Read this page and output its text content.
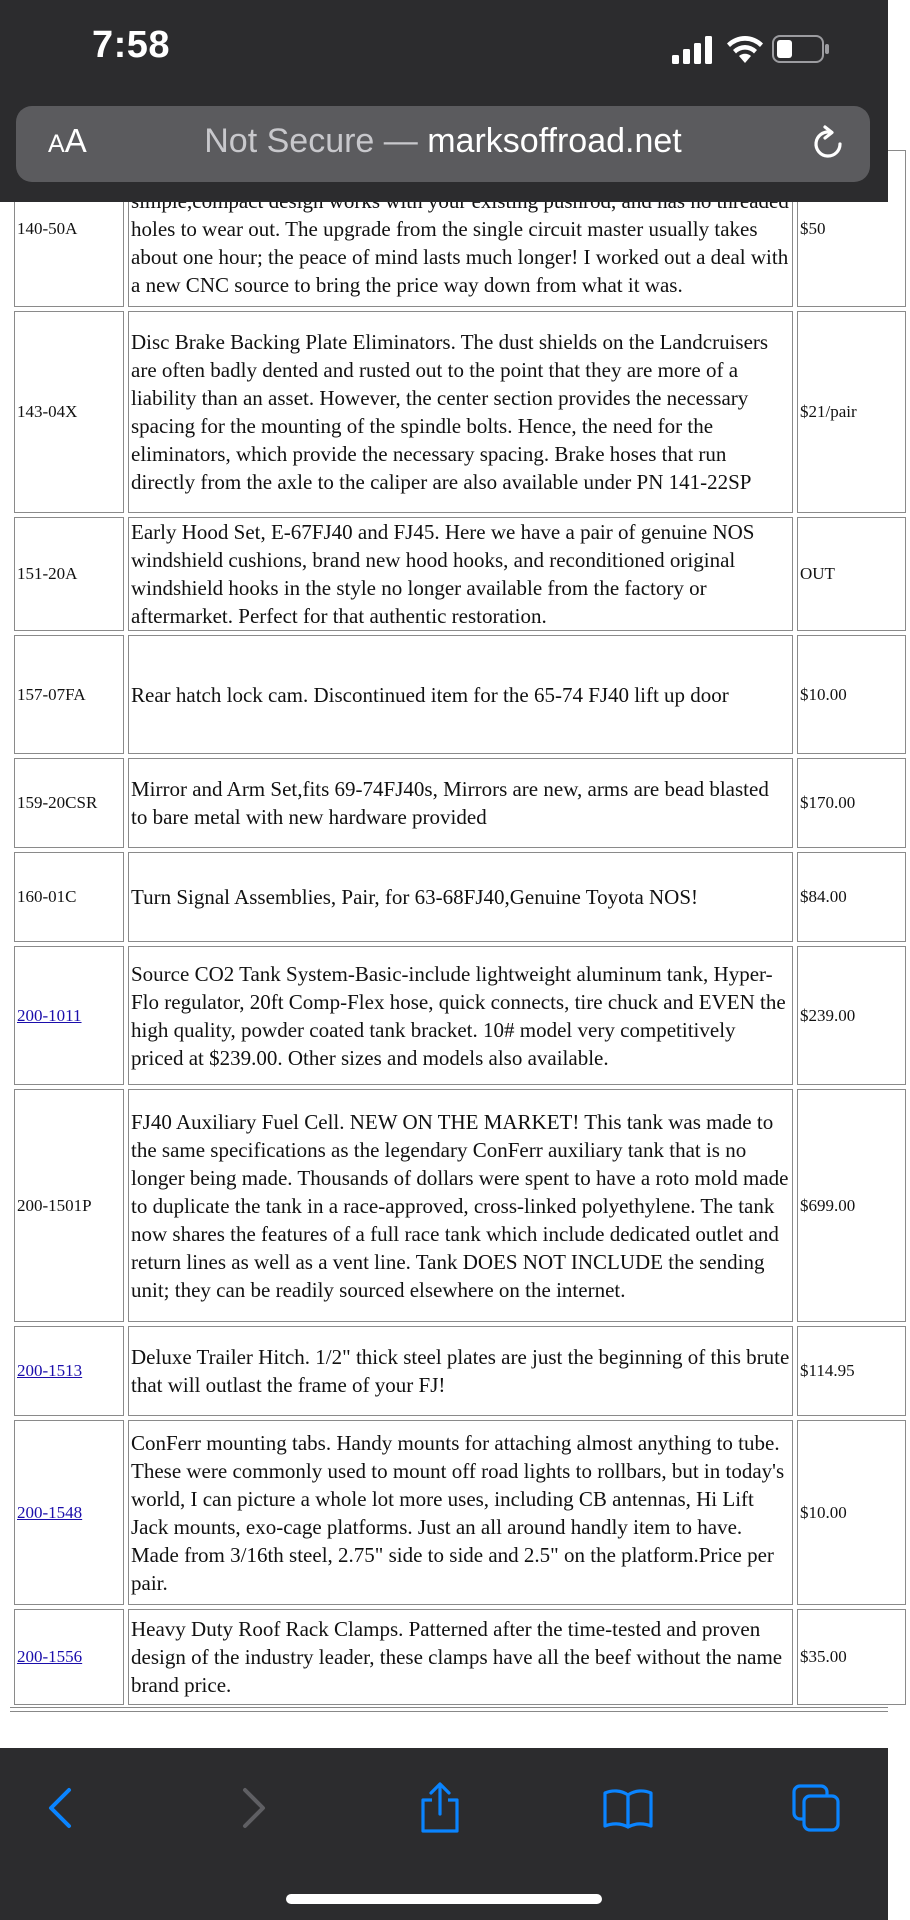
140-50A	holes to wear out. The upgrade from the single circuit master usually takes about one hour; the peace of mind lasts much longer! I worked out a deal with a new CNC source to bring the price way down from what it was.	$50
143-04X	Disc Brake Backing Plate Eliminators. The dust shields on the Landcruisers are often badly dented and rusted out to the point that they are more of a liability than an asset. However, the center section provides the necessary spacing for the mounting of the spindle bolts. Hence, the need for the eliminators, which provide the necessary spacing. Brake hoses that run directly from the axle to the caliper are also available under PN 141-22SP	$21/pair
151-20A	Early Hood Set, E-67FJ40 and FJ45. Here we have a pair of genuine NOS windshield cushions, brand new hood hooks, and reconditioned original windshield hooks in the style no longer available from the factory or aftermarket. Perfect for that authentic restoration.	OUT
157-07FA	Rear hatch lock cam. Discontinued item for the 65-74 FJ40 lift up door	$10.00
159-20CSR	Mirror and Arm Set,fits 69-74FJ40s, Mirrors are new, arms are bead blasted to bare metal with new hardware provided	$170.00
160-01C	Turn Signal Assemblies, Pair, for 63-68FJ40,Genuine Toyota NOS!	$84.00
200-1011	Source CO2 Tank System-Basic-include lightweight aluminum tank, Hyper-Flo regulator, 20ft Comp-Flex hose, quick connects, tire chuck and EVEN the high quality, powder coated tank bracket. 10# model very competitively priced at $239.00. Other sizes and models also available.	$239.00
200-1501P	FJ40 Auxiliary Fuel Cell. NEW ON THE MARKET! This tank was made to the same specifications as the legendary ConFerr auxiliary tank that is no longer being made. Thousands of dollars were spent to have a roto mold made to duplicate the tank in a race-approved, cross-linked polyethylene. The tank now shares the features of a full race tank which include dedicated outlet and return lines as well as a vent line. Tank DOES NOT INCLUDE the sending unit; they can be readily sourced elsewhere on the internet.	$699.00
200-1513	Deluxe Trailer Hitch. 1/2" thick steel plates are just the beginning of this brute that will outlast the frame of your FJ!	$114.95
200-1548	ConFerr mounting tabs. Handy mounts for attaching almost anything to tube. These were commonly used to mount off road lights to rollbars, but in today's world, I can picture a whole lot more uses, including CB antennas, Hi Lift Jack mounts, exo-cage platforms. Just an all around handly item to have. Made from 3/16th steel, 2.75" side to side and 2.5" on the platform.Price per pair.	$10.00
200-1556	Heavy Duty Roof Rack Clamps. Patterned after the time-tested and proven design of the industry leader, these clamps have all the beef without the name brand price.	$35.00
7:58
AA	Not Secure — marksoffroad.net
